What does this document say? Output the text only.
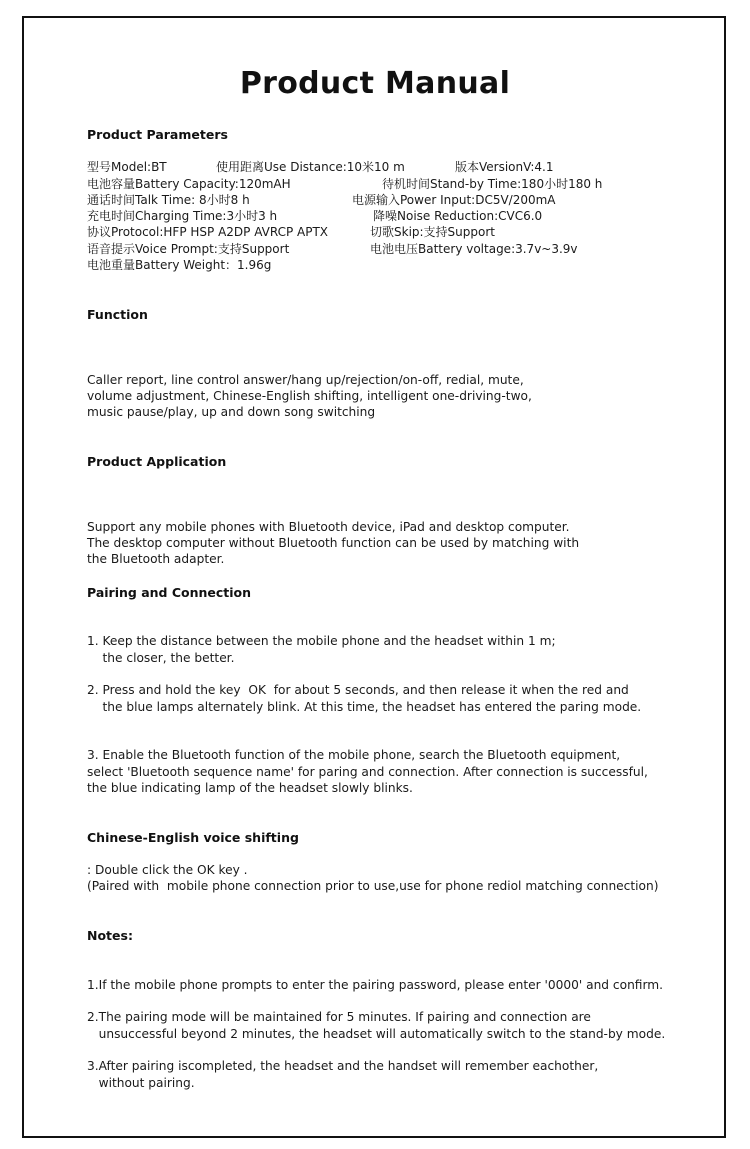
Product Manual
Product Parameters
型号Model:BT	使用距离Use Distance:10米10 m	版本VersionV:4.1
电池容量Battery Capacity:120mAH	待机时间Stand-by Time:180小时180 h
通话时间Talk Time: 8小时8 h	电源输入Power Input:DC5V/200mA
充电时间Charging Time:3小时3 h	降噪Noise Reduction:CVC6.0
协议Protocol:HFP HSP A2DP AVRCP APTX	切歌Skip:支持Support
语音提示Voice Prompt:支持Support	电池电压Battery voltage:3.7v~3.9v
电池重量Battery Weight：1.96g
Function
Caller report, line control answer/hang up/rejection/on-off, redial, mute,
volume adjustment, Chinese-English shifting, intelligent one-driving-two,
music pause/play, up and down song switching
Product Application
Support any mobile phones with Bluetooth device, iPad and desktop computer.
The desktop computer without Bluetooth function can be used by matching with
the Bluetooth adapter.
Pairing and Connection
1. Keep the distance between the mobile phone and the headset within 1 m;
the closer, the better.
2. Press and hold the key  OK  for about 5 seconds, and then release it when the red and
the blue lamps alternately blink. At this time, the headset has entered the paring mode.
3. Enable the Bluetooth function of the mobile phone, search the Bluetooth equipment,
select 'Bluetooth sequence name' for paring and connection. After connection is successful,
the blue indicating lamp of the headset slowly blinks.
Chinese-English voice shifting
: Double click the OK key .
(Paired with  mobile phone connection prior to use,use for phone rediol matching connection)
Notes:
1.If the mobile phone prompts to enter the pairing password, please enter '0000' and confirm.
2.The pairing mode will be maintained for 5 minutes. If pairing and connection are
unsuccessful beyond 2 minutes, the headset will automatically switch to the stand-by mode.
3.After pairing iscompleted, the headset and the handset will remember eachother,
without pairing.
